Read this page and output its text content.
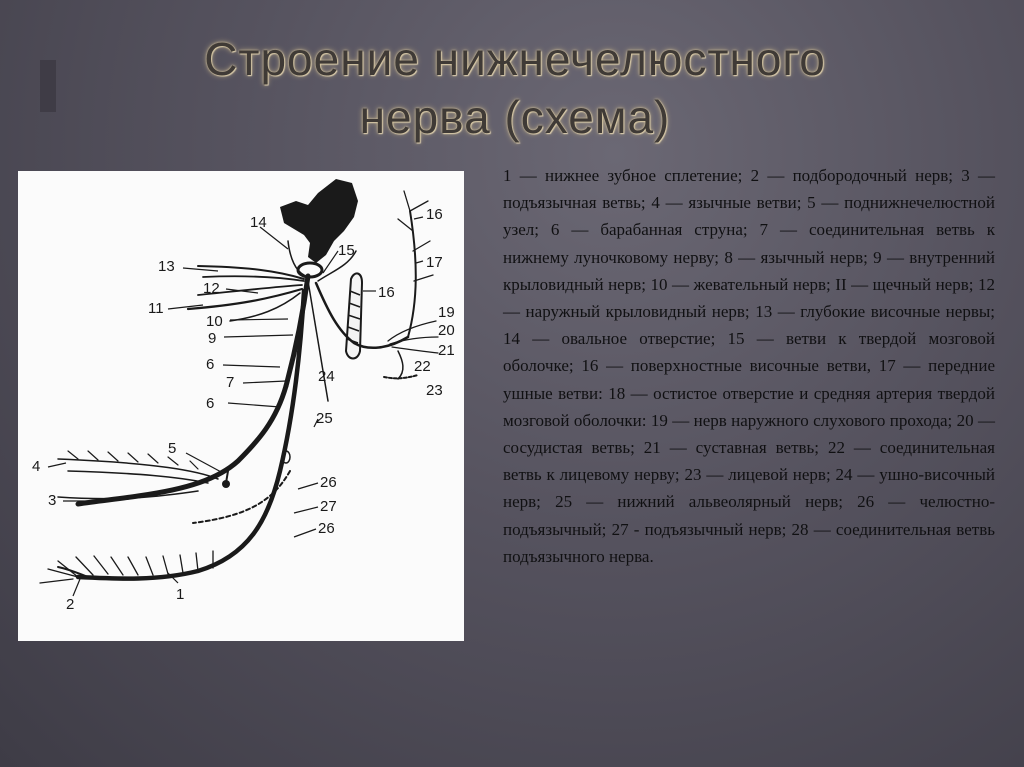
Строение нижнечелюстного
нерва (схема)
14
13
12
11
10
9
6
7
6
5
4
3
2
1
15
16
16
17
19
20
21
22
23
24
25
26
27
26

1 — нижнее зубное сплетение; 2 — подбородочный нерв; 3 — подъязычная ветвь; 4 — язычные ветви; 5 — поднижнечелюстной узел; 6 — барабанная струна; 7 — соединительная ветвь к нижнему луночковому нерву; 8 — язычный нерв; 9 — внутренний крыловидный нерв; 10 — жевательный нерв; II — щечный нерв; 12 — наружный крыловидный нерв; 13 — глубокие височные нервы; 14 — овальное отверстие; 15 — ветви к твердой мозговой оболочке; 16 — поверхностные височные ветви, 17 — передние ушные ветви: 18 — остистое отверстие и средняя артерия твердой мозговой оболочки: 19 — нерв наружного слухового прохода; 20 — сосудистая ветвь; 21 — суставная ветвь; 22 — соединительная ветвь к лицевому нерву; 23 — лицевой нерв; 24 — ушно-височный нерв; 25 — нижний альвеолярный нерв; 26 — челюстно-подъязычный; 27 - подъязычный нерв; 28 — соединительная ветвь подъязычного нерва.
